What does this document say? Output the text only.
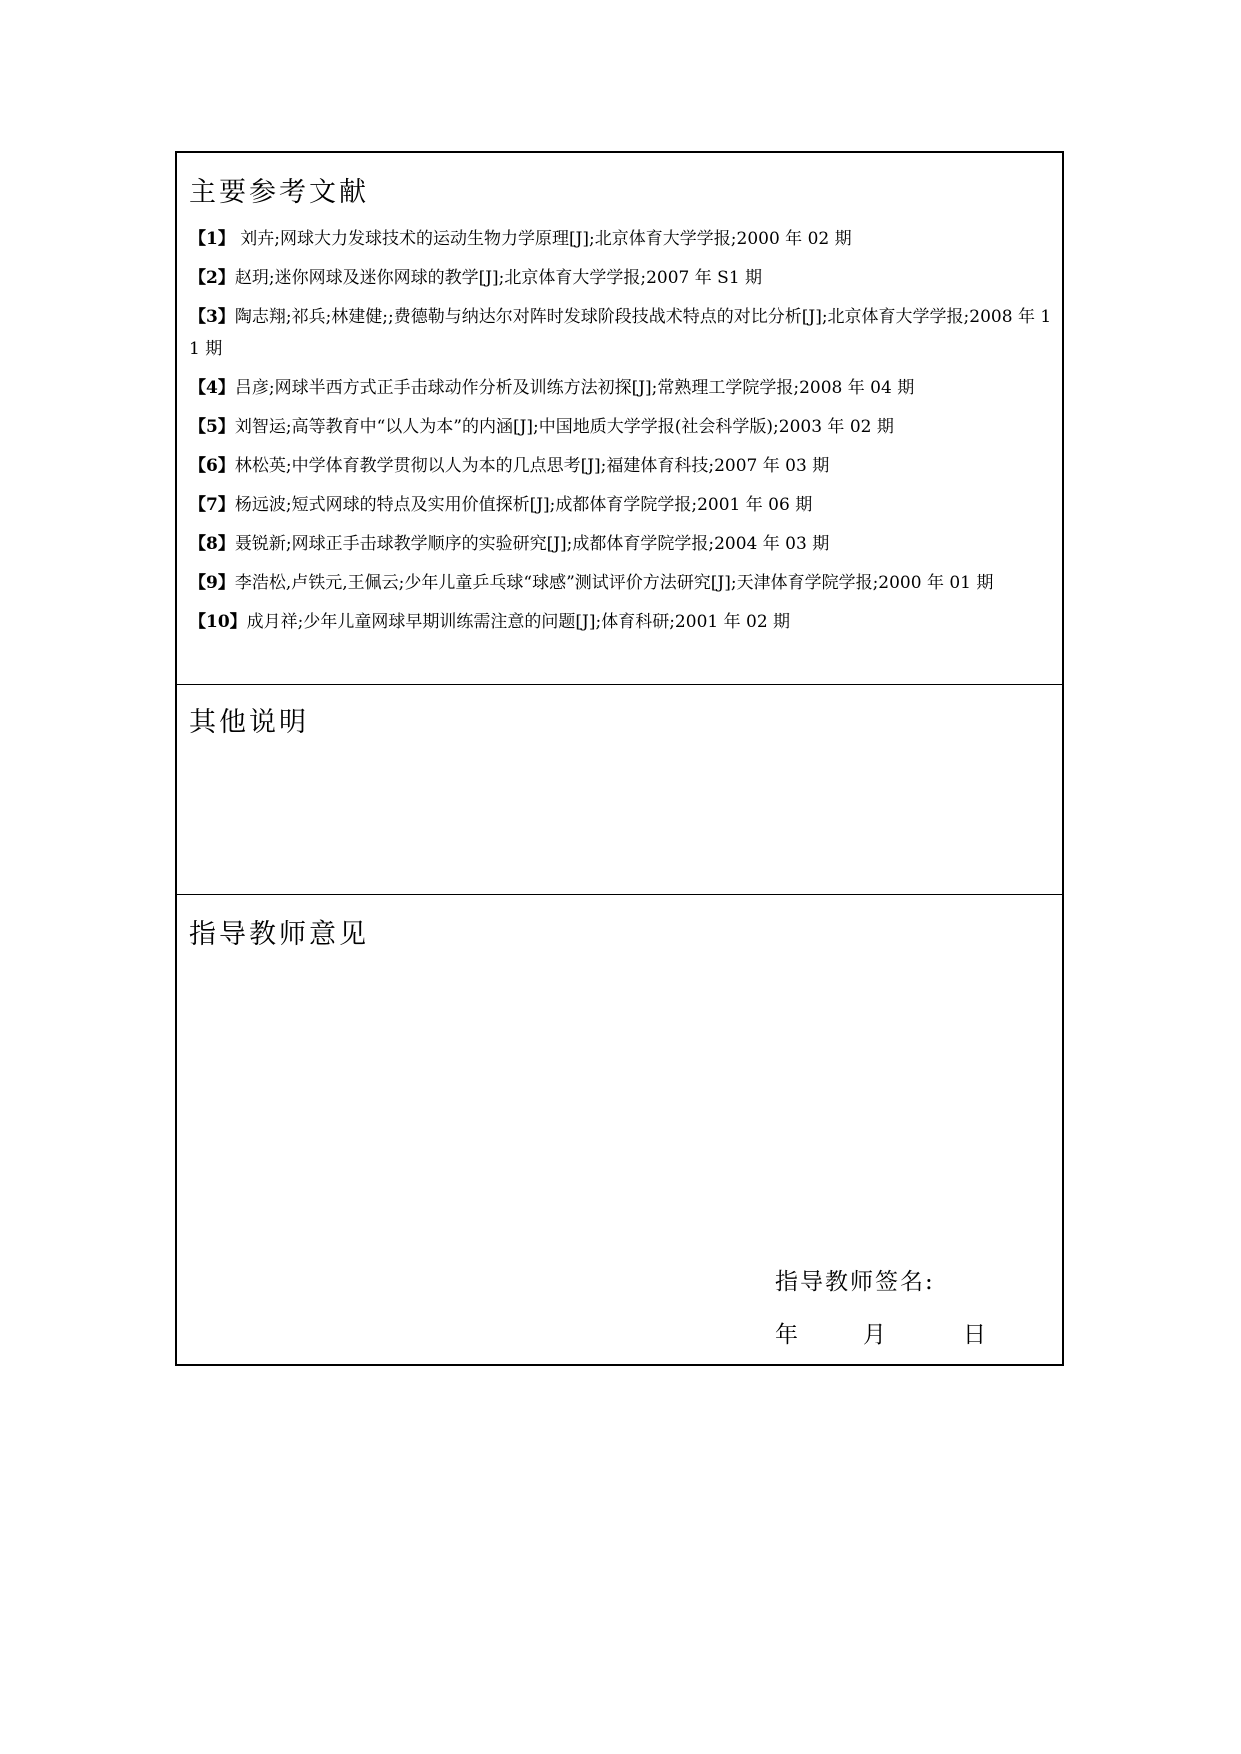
主要参考文献
【1】 刘卉;网球大力发球技术的运动生物力学原理[J];北京体育大学学报;2000 年 02 期
【2】赵玥;迷你网球及迷你网球的教学[J];北京体育大学学报;2007 年 S1 期
【3】陶志翔;祁兵;林建健;;费德勒与纳达尔对阵时发球阶段技战术特点的对比分析[J];北京体育大学学报;2008 年 11 期
【4】吕彦;网球半西方式正手击球动作分析及训练方法初探[J];常熟理工学院学报;2008 年 04 期
【5】刘智运;高等教育中“以人为本”的内涵[J];中国地质大学学报(社会科学版);2003 年 02 期
【6】林松英;中学体育教学贯彻以人为本的几点思考[J];福建体育科技;2007 年 03 期
【7】杨远波;短式网球的特点及实用价值探析[J];成都体育学院学报;2001 年 06 期
【8】聂锐新;网球正手击球教学顺序的实验研究[J];成都体育学院学报;2004 年 03 期
【9】李浩松,卢铁元,王佩云;少年儿童乒乓球“球感”测试评价方法研究[J];天津体育学院学报;2000 年 01 期
【10】成月祥;少年儿童网球早期训练需注意的问题[J];体育科研;2001 年 02 期
其他说明
指导教师意见
指导教师签名:
年	月	日
